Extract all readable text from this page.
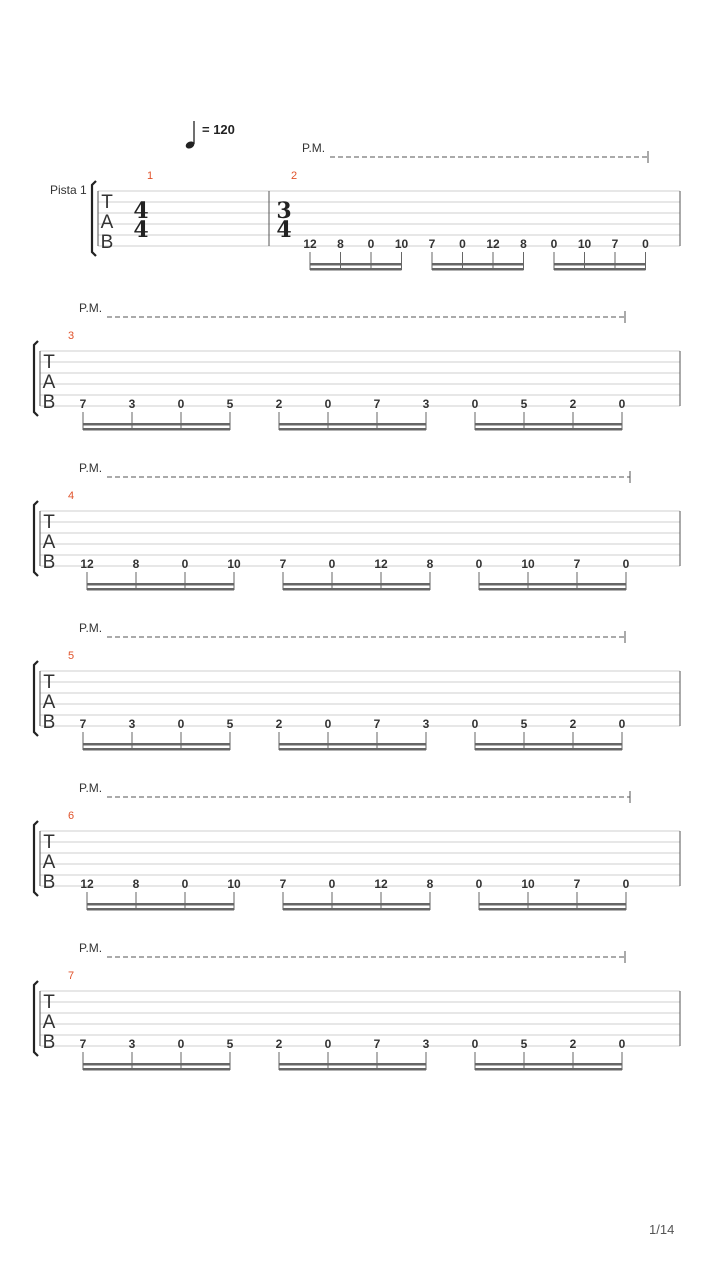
P.M.
T
A
B
1	2
4
4
3
4
Pista 1
= 120
12 8 0 10 7 0 12 8 0 10 7 0
P.M.
T
A
B
3
7	3	0	5	2	0	7	3	0	5	2	0
P.M.
T
A
B
4
12	8	0	10	7	0	12	8	0	10	7	0
P.M.
T
A
B
5
7	3	0	5	2	0	7	3	0	5	2	0
P.M.
T
A
B
6
12	8	0	10	7	0	12	8	0	10	7	0
P.M.
T
A
B
7
7	3	0	5	2	0	7	3	0	5	2	0
1/14
